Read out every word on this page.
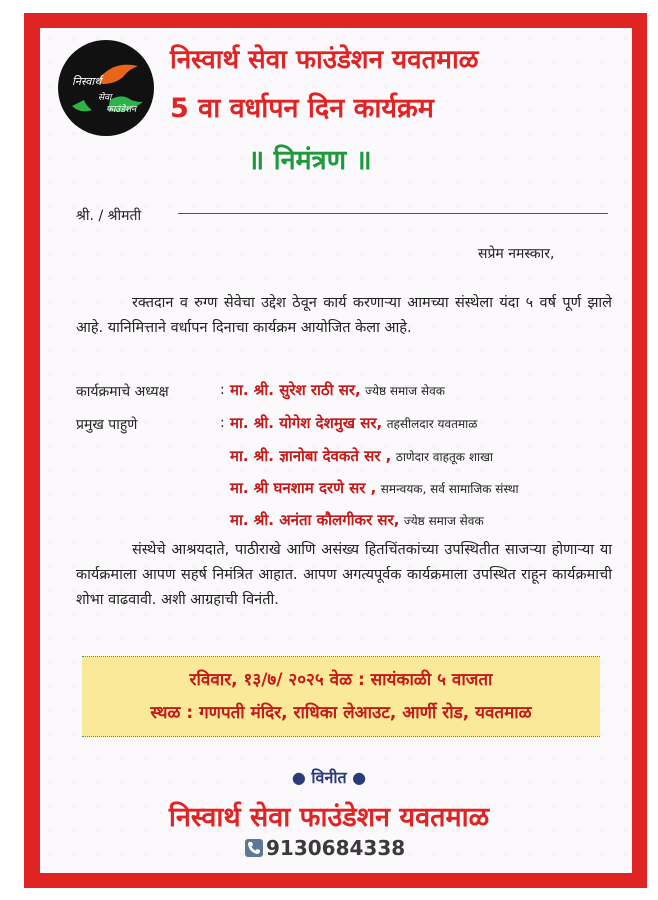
निस्वार्थ
सेवा
फाउंडेशन
निस्वार्थ सेवा फाउंडेशन यवतमाळ
5 वा वर्धापन दिन कार्यक्रम
॥ निमंत्रण ॥
श्री. / श्रीमती
सप्रेम नमस्कार,
रक्तदान व रुग्ण सेवेचा उद्देश ठेवून कार्य करणाऱ्या आमच्या संस्थेला यंदा ५ वर्ष पूर्ण झाले आहे. यानिमित्ताने वर्धापन दिनाचा कार्यक्रम आयोजित केला आहे.
कार्यक्रमाचे अध्यक्ष	: मा. श्री. सुरेश राठी सर, ज्येष्ठ समाज सेवक
प्रमुख पाहुणे	: मा. श्री. योगेश देशमुख सर, तहसीलदार यवतमाळ
मा. श्री. ज्ञानोबा देवकते सर , ठाणेदार वाहतूक शाखा
मा. श्री घनशाम दरणे सर , समन्वयक, सर्व सामाजिक संस्था
मा. श्री. अनंता कौलगीकर सर, ज्येष्ठ समाज सेवक
संस्थेचे आश्रयदाते, पाठीराखे आणि असंख्य हितचिंतकांच्या उपस्थितीत साजऱ्या होणाऱ्या या कार्यक्रमाला आपण सहर्ष निमंत्रित आहात. आपण अगत्यपूर्वक कार्यक्रमाला उपस्थित राहून कार्यक्रमाची शोभा वाढवावी. अशी आग्रहाची विनंती.
रविवार, १३/७/ २०२५ वेळ : सायंकाळी ५ वाजता
स्थळ : गणपती मंदिर, राधिका लेआउट, आर्णी रोड, यवतमाळ
● विनीत ●
निस्वार्थ सेवा फाउंडेशन यवतमाळ
9130684338
